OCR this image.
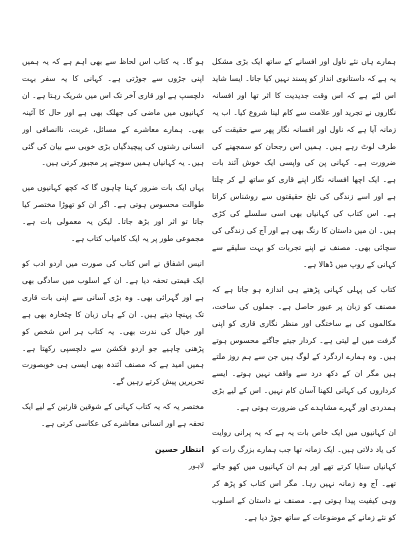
ہمارے ہاں نئے ناول اور افسانے کے ساتھ ایک بڑی مشکل یہ ہے کہ داستانوی انداز کو پسند نہیں کیا جاتا۔ ایسا شاید اس لئے ہے کہ اس وقت جدیدیت کا اثر تھا اور افسانہ نگاروں نے تجرید اور علامت سے کام لینا شروع کیا۔ اب یہ زمانہ آیا ہے کہ ناول اور افسانہ نگار پھر سے حقیقت کی طرف لوٹ رہے ہیں۔ ہمیں اس رجحان کو سمجھنے کی ضرورت ہے۔ کہانی پن کی واپسی ایک خوش آئند بات ہے۔ ایک اچھا افسانہ نگار اپنے قاری کو ساتھ لے کر چلتا ہے اور اسے زندگی کی تلخ حقیقتوں سے روشناس کراتا ہے۔ اس کتاب کی کہانیاں بھی اسی سلسلے کی کڑی ہیں۔ ان میں داستان کا رنگ بھی ہے اور آج کی زندگی کی سچائی بھی۔ مصنف نے اپنے تجربات کو بہت سلیقے سے کہانی کے روپ میں ڈھالا ہے۔

کتاب کی پہلی کہانی پڑھتے ہی اندازہ ہو جاتا ہے کہ مصنف کو زبان پر عبور حاصل ہے۔ جملوں کی ساخت، مکالموں کی بے ساختگی اور منظر نگاری قاری کو اپنی گرفت میں لے لیتی ہے۔ کردار جیتے جاگتے محسوس ہوتے ہیں۔ وہ ہمارے اردگرد کے لوگ ہیں جن سے ہم روز ملتے ہیں مگر ان کے دکھ درد سے واقف نہیں ہوتے۔ ایسے کرداروں کی کہانی لکھنا آسان کام نہیں۔ اس کے لیے بڑی ہمدردی اور گہرے مشاہدے کی ضرورت ہوتی ہے۔

ان کہانیوں میں ایک خاص بات یہ ہے کہ یہ پرانی روایت کی یاد دلاتی ہیں۔ ایک زمانہ تھا جب ہمارے بزرگ رات کو کہانیاں سنایا کرتے تھے اور ہم ان کہانیوں میں کھو جاتے تھے۔ آج وہ زمانہ نہیں رہا۔ مگر اس کتاب کو پڑھ کر وہی کیفیت پیدا ہوتی ہے۔ مصنف نے داستان کے اسلوب کو نئے زمانے کے موضوعات کے ساتھ جوڑ دیا ہے۔

ہو گا۔ یہ کتاب اس لحاظ سے بھی اہم ہے کہ یہ ہمیں اپنی جڑوں سے جوڑتی ہے۔ کہانی کا یہ سفر بہت دلچسپ ہے اور قاری آخر تک اس میں شریک رہتا ہے۔ ان کہانیوں میں ماضی کی جھلک بھی ہے اور حال کا آئینہ بھی۔ ہمارے معاشرے کے مسائل، غربت، ناانصافی اور انسانی رشتوں کی پیچیدگیاں بڑی خوبی سے بیان کی گئی ہیں۔ یہ کہانیاں ہمیں سوچنے پر مجبور کرتی ہیں۔

یہاں ایک بات ضرور کہنا چاہوں گا کہ کچھ کہانیوں میں طوالت محسوس ہوتی ہے۔ اگر ان کو تھوڑا مختصر کیا جاتا تو اثر اور بڑھ جاتا۔ لیکن یہ معمولی بات ہے۔ مجموعی طور پر یہ ایک کامیاب کتاب ہے۔

انیس اشفاق نے اس کتاب کی صورت میں اردو ادب کو ایک قیمتی تحفہ دیا ہے۔ ان کے اسلوب میں سادگی بھی ہے اور گہرائی بھی۔ وہ بڑی آسانی سے اپنی بات قاری تک پہنچا دیتے ہیں۔ ان کے ہاں زبان کا چٹخارہ بھی ہے اور خیال کی ندرت بھی۔ یہ کتاب ہر اس شخص کو پڑھنی چاہیے جو اردو فکشن سے دلچسپی رکھتا ہے۔ ہمیں امید ہے کہ مصنف آئندہ بھی ایسی ہی خوبصورت تحریریں پیش کرتے رہیں گے۔

مختصر یہ کہ یہ کتاب کہانی کے شوقین قارئین کے لیے ایک تحفہ ہے اور انسانی معاشرے کی عکاسی کرتی ہے۔

انتظار حسین
لاہور
